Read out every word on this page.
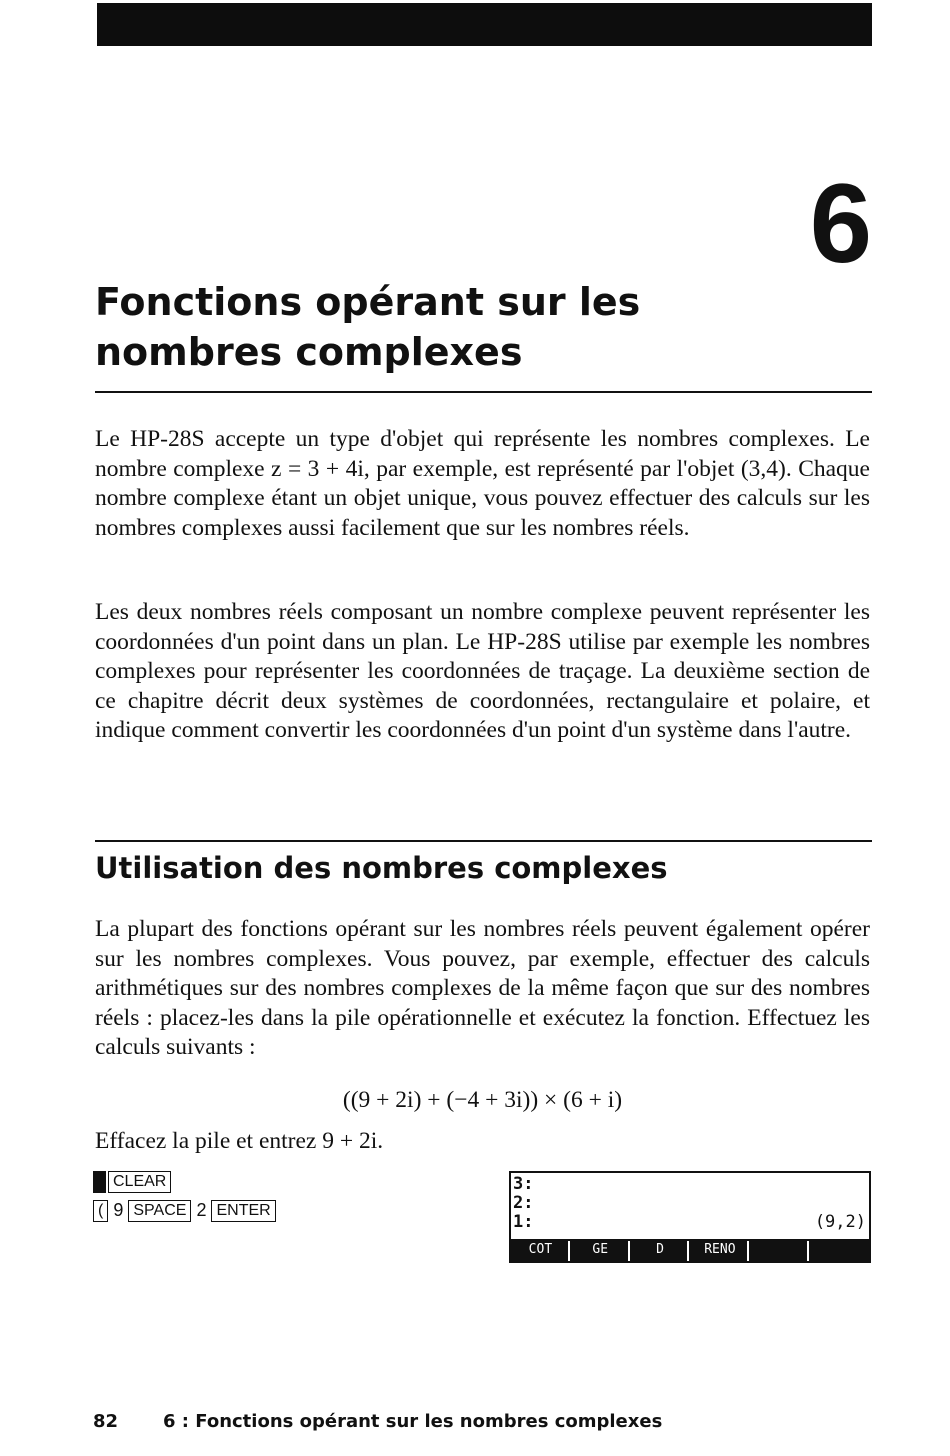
6
Fonctions opérant sur les
nombres complexes

Le HP-28S accepte un type d'objet qui représente les nombres complexes. Le nombre complexe z = 3 + 4i, par exemple, est représenté par l'objet (3,4). Chaque nombre complexe étant un objet unique, vous pouvez effectuer des calculs sur les nombres complexes aussi facilement que sur les nombres réels.

Les deux nombres réels composant un nombre complexe peuvent représenter les coordonnées d'un point dans un plan. Le HP-28S utilise par exemple les nombres complexes pour représenter les coordonnées de traçage. La deuxième section de ce chapitre décrit deux systèmes de coordonnées, rectangulaire et polaire, et indique comment convertir les coordonnées d'un point d'un système dans l'autre.

Utilisation des nombres complexes

La plupart des fonctions opérant sur les nombres réels peuvent également opérer sur les nombres complexes. Vous pouvez, par exemple, effectuer des calculs arithmétiques sur des nombres complexes de la même façon que sur des nombres réels : placez-les dans la pile opérationnelle et exécutez la fonction. Effectuez les calculs suivants :

((9 + 2i) + (−4 + 3i)) × (6 + i)

Effacez la pile et entrez 9 + 2i.

CLEAR
( 9 SPACE 2 ENTER
3:
2:
1:	(9,2)
COT	GE	D	RENO
82 6 : Fonctions opérant sur les nombres complexes
